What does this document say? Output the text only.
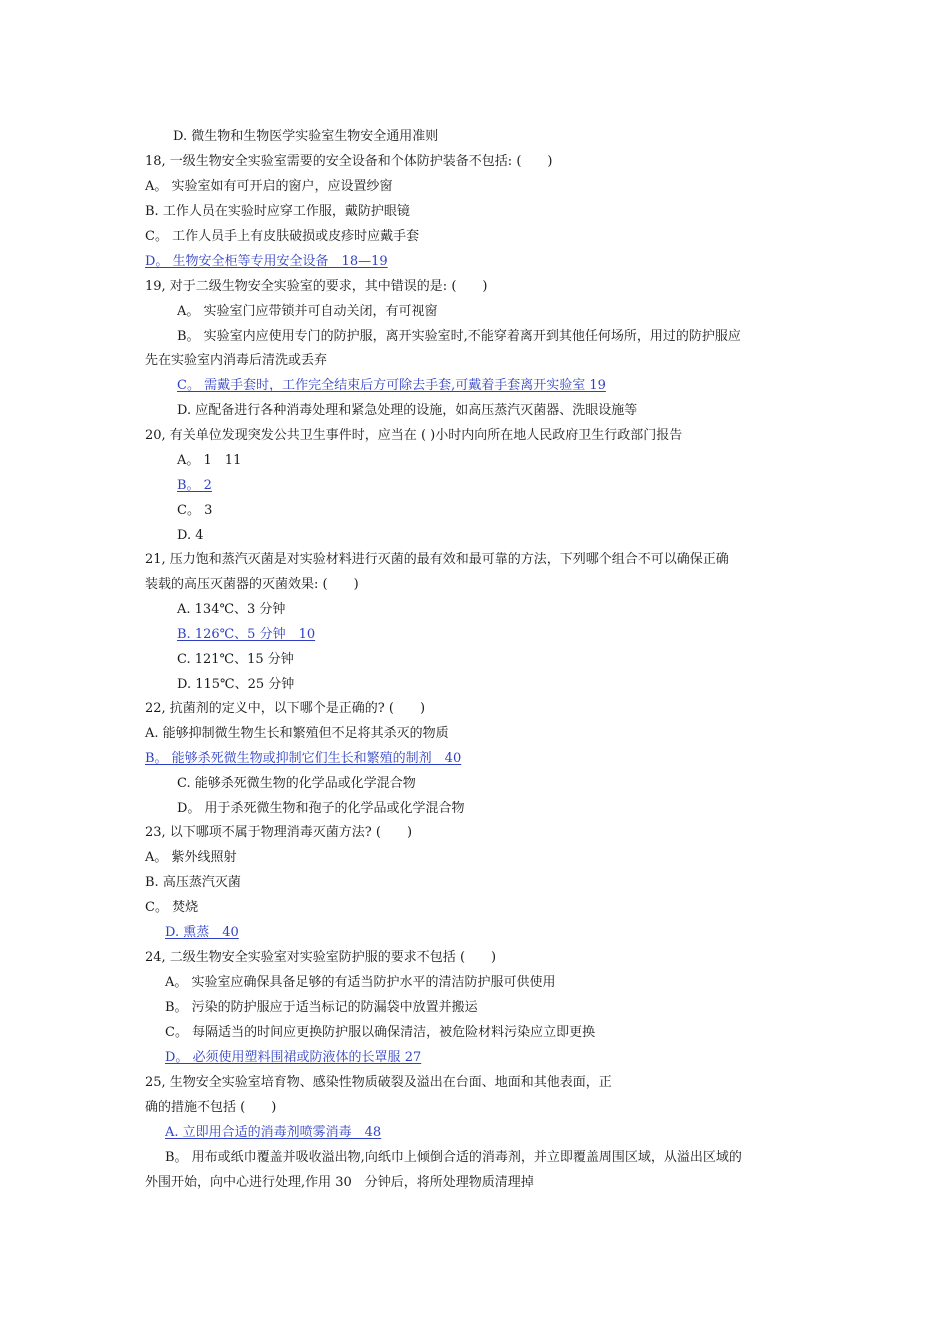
D. 微生物和生物医学实验室生物安全通用准则
18, 一级生物安全实验室需要的安全设备和个体防护装备不包括: (　　)
A。 实验室如有可开启的窗户，应设置纱窗
B. 工作人员在实验时应穿工作服，戴防护眼镜
C。 工作人员手上有皮肤破损或皮疹时应戴手套
D。 生物安全柜等专用安全设备　18—19
19, 对于二级生物安全实验室的要求，其中错误的是: (　　)
A。 实验室门应带锁并可自动关闭，有可视窗
B。 实验室内应使用专门的防护服，离开实验室时,不能穿着离开到其他任何场所，用过的防护服应
先在实验室内消毒后清洗或丢弃
C。 需戴手套时，工作完全结束后方可除去手套,可戴着手套离开实验室 19
D. 应配备进行各种消毒处理和紧急处理的设施，如高压蒸汽灭菌器、洗眼设施等
20, 有关单位发现突发公共卫生事件时，应当在 ( )小时内向所在地人民政府卫生行政部门报告
A。 1　11
B。 2
C。 3
D. 4
21, 压力饱和蒸汽灭菌是对实验材料进行灭菌的最有效和最可靠的方法，下列哪个组合不可以确保正确
装载的高压灭菌器的灭菌效果: (　　)
A. 134℃、3 分钟
B. 126℃、5 分钟　10
C. 121℃、15 分钟
D. 115℃、25 分钟
22, 抗菌剂的定义中，以下哪个是正确的? (　　)
A. 能够抑制微生物生长和繁殖但不足将其杀灭的物质
B。 能够杀死微生物或抑制它们生长和繁殖的制剂　40
C. 能够杀死微生物的化学品或化学混合物
D。 用于杀死微生物和孢子的化学品或化学混合物
23, 以下哪项不属于物理消毒灭菌方法? (　　)
A。 紫外线照射
B. 高压蒸汽灭菌
C。 焚烧
D. 熏蒸　40
24, 二级生物安全实验室对实验室防护服的要求不包括 (　　)
A。 实验室应确保具备足够的有适当防护水平的清洁防护服可供使用
B。 污染的防护服应于适当标记的防漏袋中放置并搬运
C。 每隔适当的时间应更换防护服以确保清洁，被危险材料污染应立即更换
D。 必须使用塑料围裙或防液体的长罩服 27
25, 生物安全实验室培育物、感染性物质破裂及溢出在台面、地面和其他表面，正
确的措施不包括 (　　)
A. 立即用合适的消毒剂喷雾消毒　48
B。 用布或纸巾覆盖并吸收溢出物,向纸巾上倾倒合适的消毒剂，并立即覆盖周围区域，从溢出区域的
外围开始，向中心进行处理,作用 30　分钟后，将所处理物质清理掉
